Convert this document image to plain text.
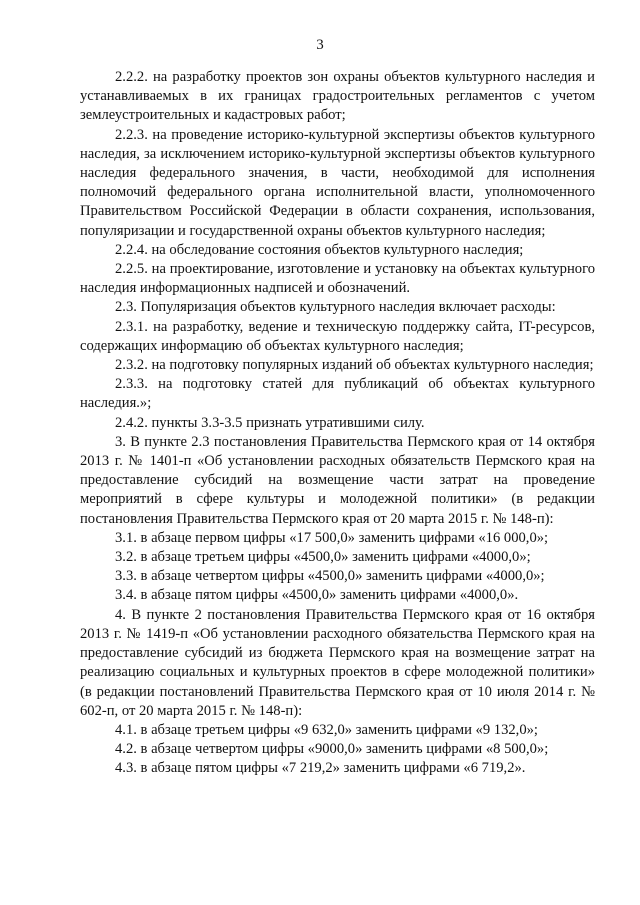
3

2.2.2. на разработку проектов зон охраны объектов культурного наследия и устанавливаемых в их границах градостроительных регламентов с учетом землеустроительных и кадастровых работ;

2.2.3. на проведение историко-культурной экспертизы объектов культурного наследия, за исключением историко-культурной экспертизы объектов культурного наследия федерального значения, в части, необходимой для исполнения полномочий федерального органа исполнительной власти, уполномоченного Правительством Российской Федерации в области сохранения, использования, популяризации и государственной охраны объектов культурного наследия;

2.2.4. на обследование состояния объектов культурного наследия;

2.2.5. на проектирование, изготовление и установку на объектах культурного наследия информационных надписей и обозначений.

2.3. Популяризация объектов культурного наследия включает расходы:

2.3.1. на разработку, ведение и техническую поддержку сайта, IT-ресурсов, содержащих информацию об объектах культурного наследия;

2.3.2. на подготовку популярных изданий об объектах культурного наследия;

2.3.3. на подготовку статей для публикаций об объектах культурного наследия.»;

2.4.2. пункты 3.3-3.5 признать утратившими силу.

3. В пункте 2.3 постановления Правительства Пермского края от 14 октября 2013 г. № 1401-п «Об установлении расходных обязательств Пермского края на предоставление субсидий на возмещение части затрат на проведение мероприятий в сфере культуры и молодежной политики» (в редакции постановления Правительства Пермского края от 20 марта 2015 г. № 148-п):

3.1. в абзаце первом цифры «17 500,0» заменить цифрами «16 000,0»;

3.2. в абзаце третьем цифры «4500,0» заменить цифрами «4000,0»;

3.3. в абзаце четвертом цифры «4500,0» заменить цифрами «4000,0»;

3.4. в абзаце пятом цифры «4500,0» заменить цифрами «4000,0».

4. В пункте 2 постановления Правительства Пермского края от 16 октября 2013 г. № 1419-п «Об установлении расходного обязательства Пермского края на предоставление субсидий из бюджета Пермского края на возмещение затрат на реализацию социальных и культурных проектов в сфере молодежной политики» (в редакции постановлений Правительства Пермского края от 10 июля 2014 г. № 602-п, от 20 марта 2015 г. № 148-п):

4.1. в абзаце третьем цифры «9 632,0» заменить цифрами «9 132,0»;

4.2. в абзаце четвертом цифры «9000,0» заменить цифрами «8 500,0»;

4.3. в абзаце пятом цифры «7 219,2» заменить цифрами «6 719,2».
